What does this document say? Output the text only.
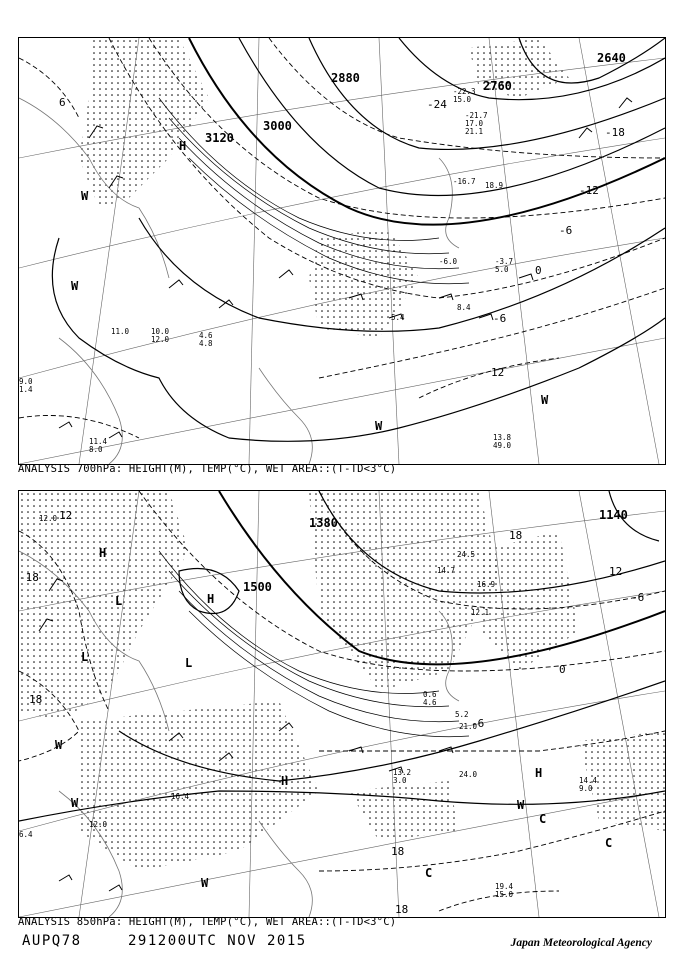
3000
2880
2760
2640
3120
0
-6
-12
-18
-24
12
6
-6
H
W
W
W
W
-22.3
15.0
-21.7
17.0
21.1
-16.7 18.9
11.0	10.0
12.0	4.6
4.8
13.8
49.0
11.4
8.0
9.0
1.4
5.4
-6.0	-3.7
5.0
8.4
ANALYSIS 700hPa: HEIGHT(M), TEMP(°C), WET AREA::(T-TD<3°C)
1380
1140
1500
12
18
-6
0
-6
12
18
18
-18
18
H
L	H
L
L
H
H
W
W
W
W
C
C
C
12.0
24.5
14.7
16.9
12.1
21.0
24.0
14.4
9.0
19.4
15.0
16.4
0.6
4.6
12.0
6.4
5.2
13.2
3.0
ANALYSIS 850hPa: HEIGHT(M), TEMP(°C), WET AREA::(T-TD<3°C)
AUPQ78	291200UTC NOV 2015	Japan Meteorological Agency
